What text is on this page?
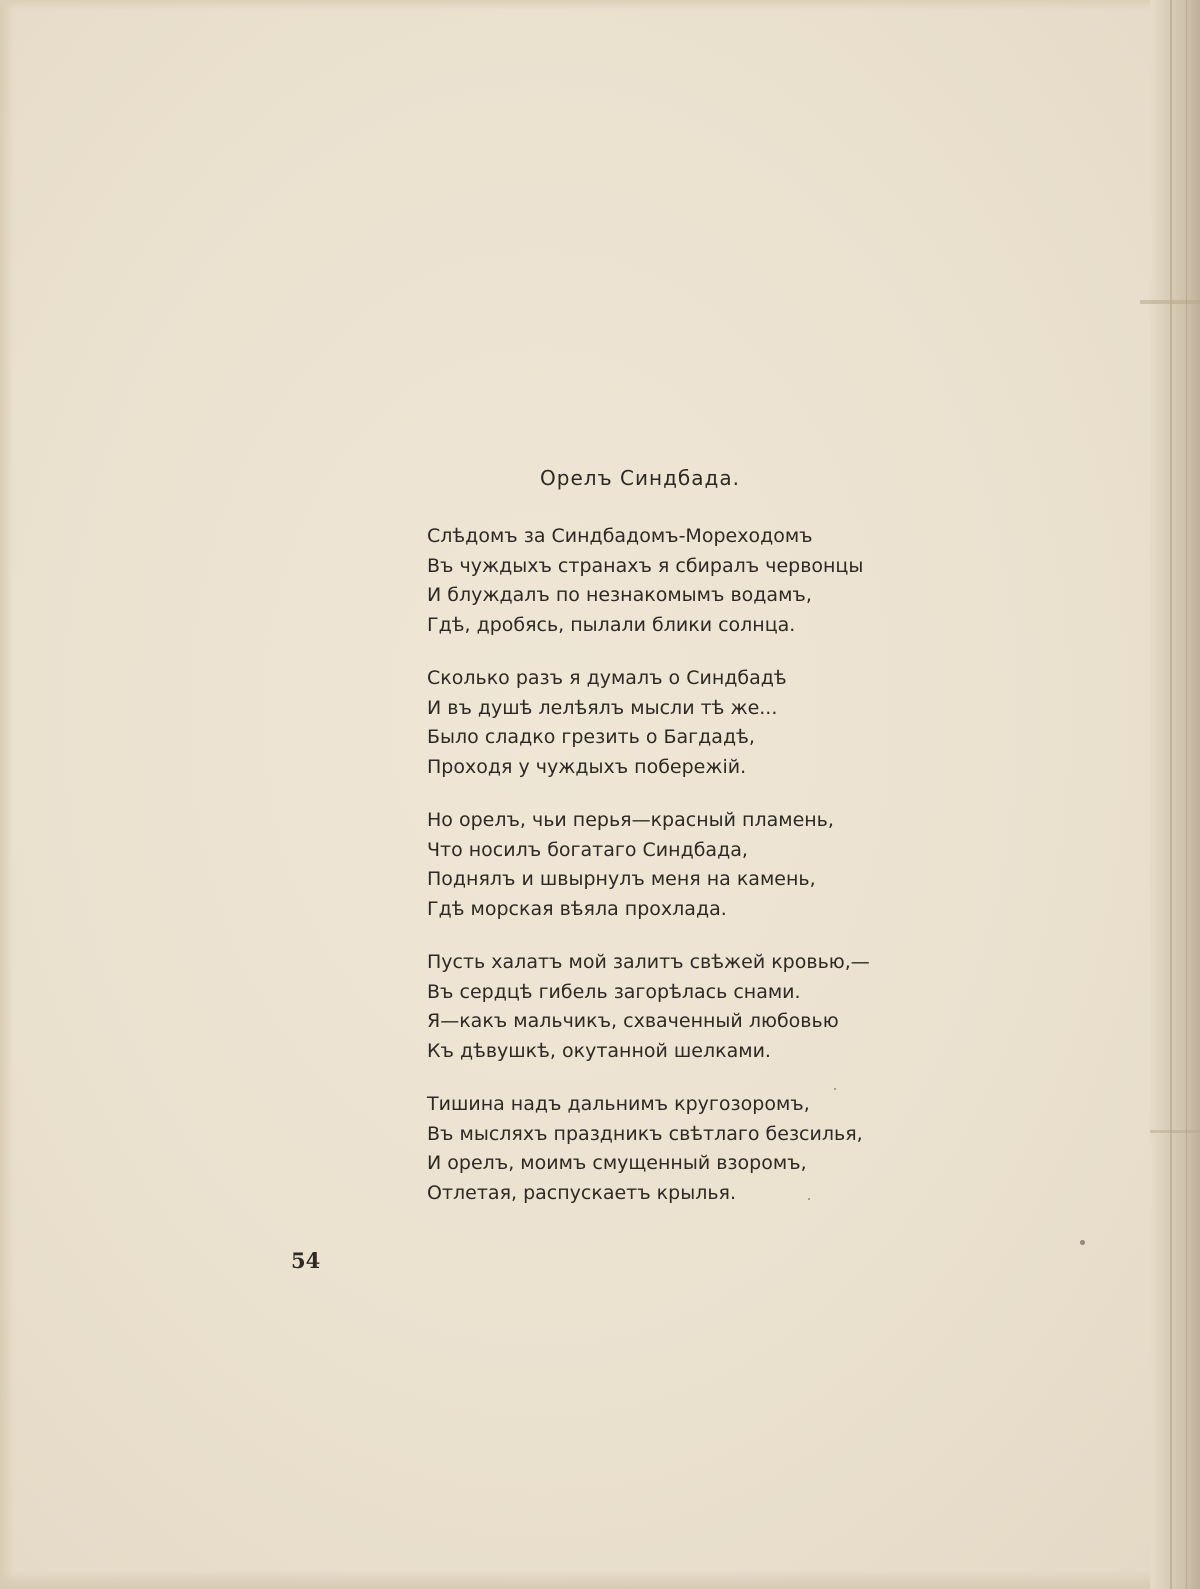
Орелъ Синдбада.
Слѣдомъ за Синдбадомъ-Мореходомъ
Въ чуждыхъ странахъ я сбиралъ червонцы
И блуждалъ по незнакомымъ водамъ,
Гдѣ, дробясь, пылали блики солнца.
Сколько разъ я думалъ о Синдбадѣ
И въ душѣ лелѣялъ мысли тѣ же...
Было сладко грезить о Багдадѣ,
Проходя у чуждыхъ побережій.
Но орелъ, чьи перья—красный пламень,
Что носилъ богатаго Синдбада,
Поднялъ и швырнулъ меня на камень,
Гдѣ морская вѣяла прохлада.
Пусть халатъ мой залитъ свѣжей кровью,—
Въ сердцѣ гибель загорѣлась снами.
Я—какъ мальчикъ, схваченный любовью
Къ дѣвушкѣ, окутанной шелками.
Тишина надъ дальнимъ кругозоромъ,
Въ мысляхъ праздникъ свѣтлаго безсилья,
И орелъ, моимъ смущенный взоромъ,
Отлетая, распускаетъ крылья.
54
